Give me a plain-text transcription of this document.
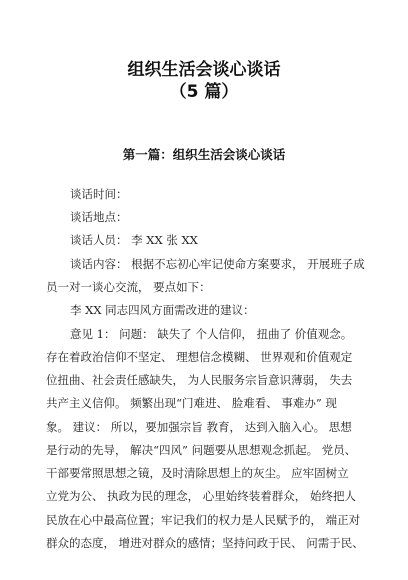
组织生活会谈心谈话
（5 篇）
第一篇：组织生活会谈心谈话
谈话时间：
谈话地点：
谈话人员： 李 XX 张 XX
谈话内容： 根据不忘初心牢记使命方案要求， 开展班子成
员一对一谈心交流， 要点如下：
李 XX 同志四风方面需改进的建议：
意见 1： 问题： 缺失了 个人信仰， 扭曲了 价值观念。
存在着政治信仰不坚定、 理想信念模糊、 世界观和价值观定
位扭曲、社会责任感缺失， 为人民服务宗旨意识薄弱， 失去
共产主义信仰。 频繁出现“门难进、 脸难看、 事难办” 现
象。 建议： 所以，要加强宗旨 教育， 达到入脑入心。 思想
是行动的先导， 解决“四风” 问题要从思想观念抓起。 党员、
干部要常照思想之镜，及时清除思想上的灰尘。 应牢固树立
立党为公、 执政为民的理念， 心里始终装着群众， 始终把人
民放在心中最高位置；牢记我们的权力是人民赋予的， 端正对
群众的态度， 增进对群众的感情；坚持问政于民、 问需于民、
